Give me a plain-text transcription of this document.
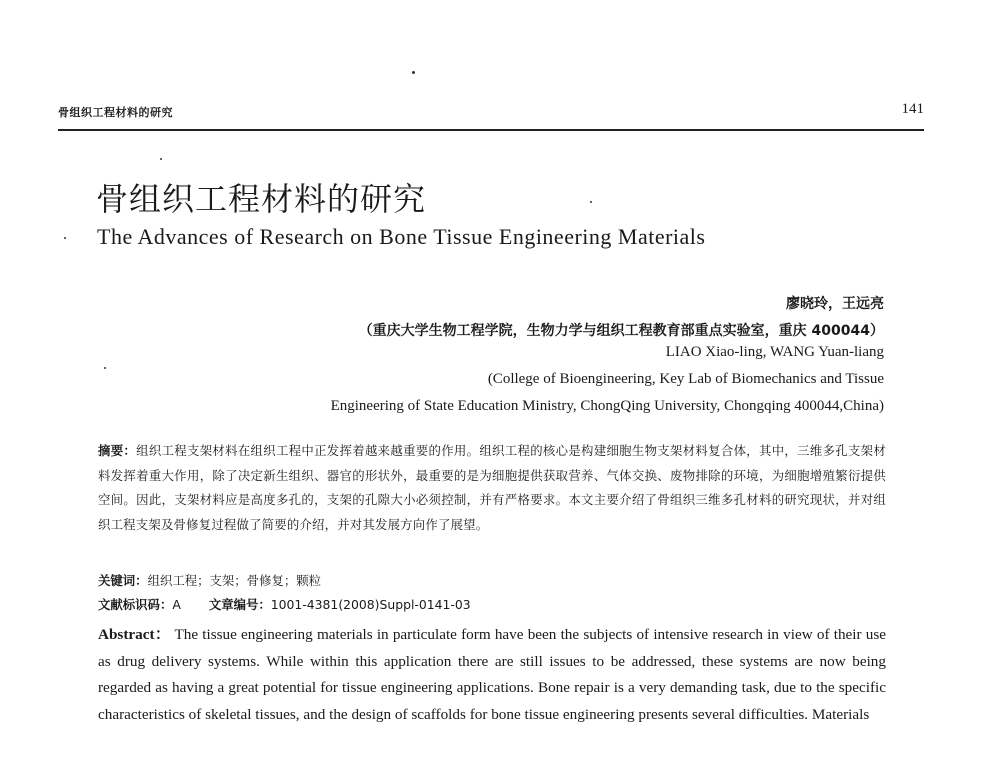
骨组织工程材料的研究	141
骨组织工程材料的研究
The Advances of Research on Bone Tissue Engineering Materials
廖晓玲，王远亮
（重庆大学生物工程学院，生物力学与组织工程教育部重点实验室，重庆 400044）
LIAO Xiao-ling, WANG Yuan-liang
(College of Bioengineering, Key Lab of Biomechanics and Tissue
Engineering of State Education Ministry, ChongQing University, Chongqing 400044,China)
摘要：组织工程支架材料在组织工程中正发挥着越来越重要的作用。组织工程的核心是构建细胞生物支架材料复合体，其中，三维多孔支架材料发挥着重大作用，除了决定新生组织、器官的形状外，最重要的是为细胞提供获取营养、气体交换、废物排除的环境，为细胞增殖繁衍提供空间。因此，支架材料应是高度多孔的，支架的孔隙大小必须控制，并有严格要求。本文主要介绍了骨组织三维多孔材料的研究现状，并对组织工程支架及骨修复过程做了简要的介绍，并对其发展方向作了展望。
关键词：组织工程；支架；骨修复；颗粒
文献标识码：A 文章编号：1001-4381(2008)Suppl-0141-03
Abstract： The tissue engineering materials in particulate form have been the subjects of intensive research in view of their use as drug delivery systems. While within this application there are still issues to be addressed, these systems are now being regarded as having a great potential for tissue engineering applications. Bone repair is a very demanding task, due to the specific characteristics of skeletal tissues, and the design of scaffolds for bone tissue engineering presents several difficulties. Materials
